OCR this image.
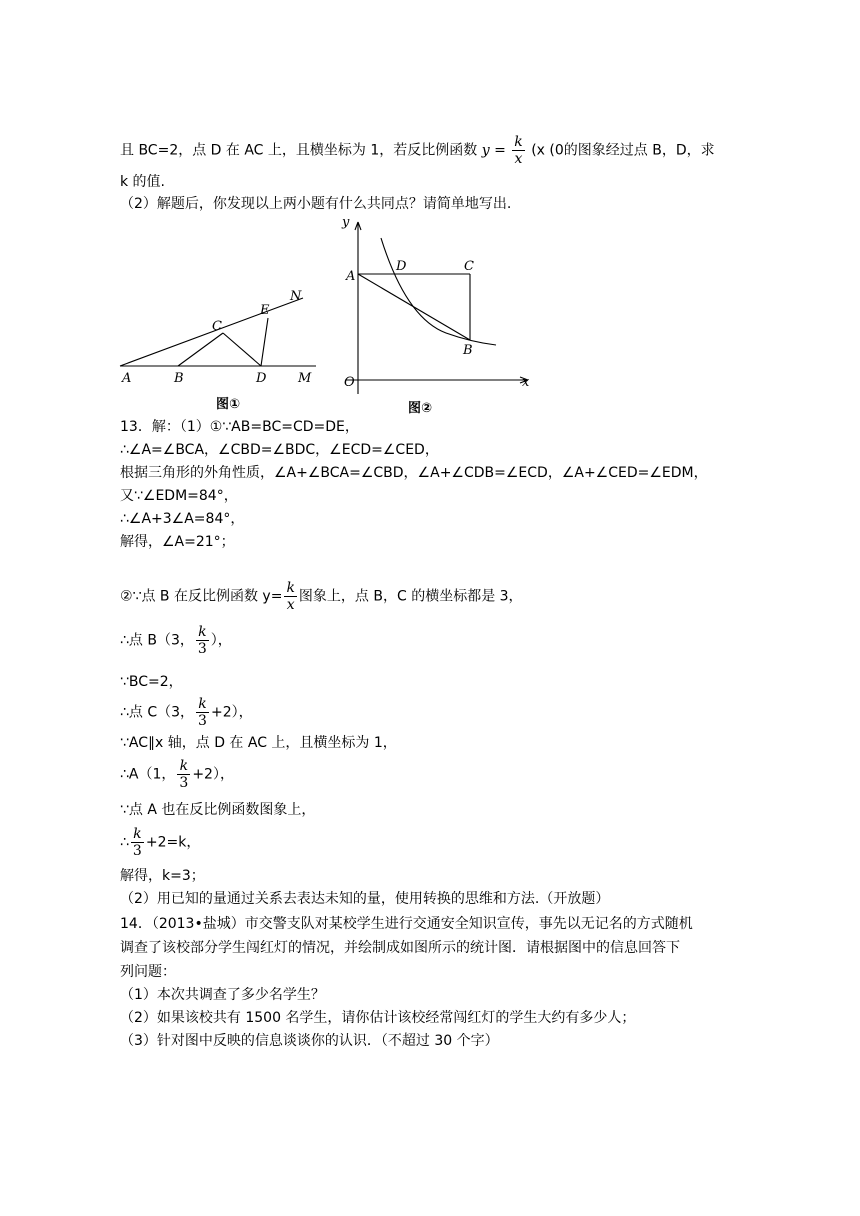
且 BC=2，点 D 在 AC 上，且横坐标为 1，若反比例函数 $y = \frac{k}{x} (x$ (0的图象经过点 B，D，求
k 的值.
（2）解题后，你发现以上两小题有什么共同点？请简单地写出.
A	B
C
D
E
M
N
图①
y
x
O
A
D	C
B
图②
13．解：（1）①∵AB=BC=CD=DE，
∴∠A=∠BCA，∠CBD=∠BDC，∠ECD=∠CED，
根据三角形的外角性质，∠A+∠BCA=∠CBD，∠A+∠CDB=∠ECD，∠A+∠CED=∠EDM，
又∵∠EDM=84°，
∴∠A+3∠A=84°，
解得，∠A=21°；
②∵点 B 在反比例函数 $y= \frac{k}{x}$ 图象上，点 B，C 的横坐标都是 3，
∴点 B（3， $\frac{k}{3}$ ），
∵BC=2，
∴点 C（3， $\frac{k}{3} +2$），
∵AC∥x 轴，点 D 在 AC 上，且横坐标为 1，
∴A（1， $\frac{k}{3} +2$），
∵点 A 也在反比例函数图象上，
∴ $\frac{k}{3} +2=k$，
解得，k=3；
（2）用已知的量通过关系去表达未知的量，使用转换的思维和方法.（开放题）
14．（2013•盐城）市交警支队对某校学生进行交通安全知识宣传，事先以无记名的方式随机
调查了该校部分学生闯红灯的情况，并绘制成如图所示的统计图．请根据图中的信息回答下
列问题：
（1）本次共调查了多少名学生？
（2）如果该校共有 1500 名学生，请你估计该校经常闯红灯的学生大约有多少人；
（3）针对图中反映的信息谈谈你的认识．（不超过 30 个字）
